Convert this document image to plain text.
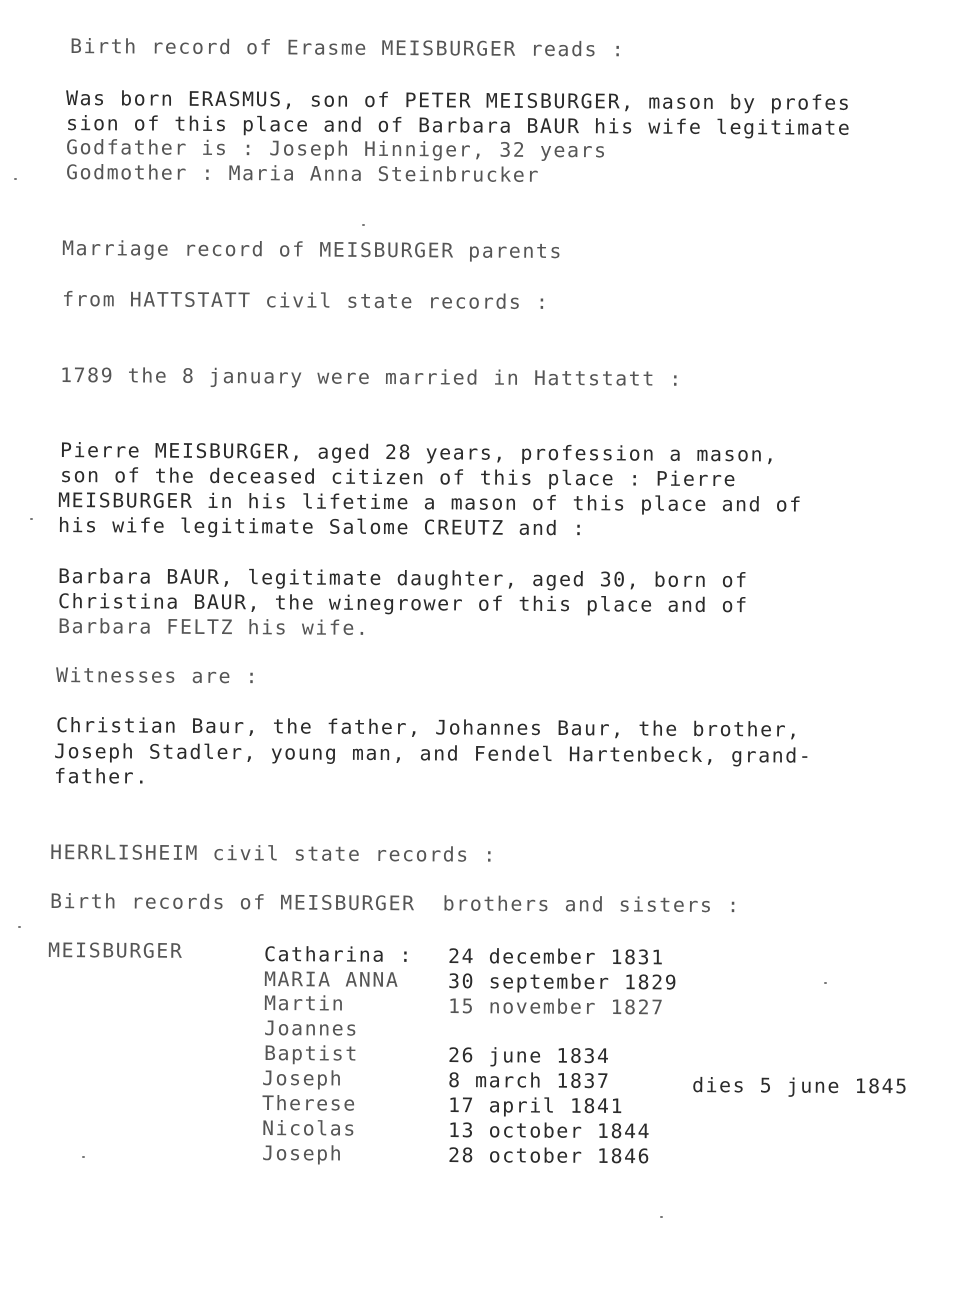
Birth record of Erasme MEISBURGER reads :
Was born ERASMUS, son of PETER MEISBURGER, mason by profes
sion of this place and of Barbara BAUR his wife legitimate
Godfather is : Joseph Hinniger, 32 years
Godmother : Maria Anna Steinbrucker
Marriage record of MEISBURGER parents
from HATTSTATT civil state records :
1789 the 8 january were married in Hattstatt :
Pierre MEISBURGER, aged 28 years, profession a mason,
son of the deceased citizen of this place : Pierre
MEISBURGER in his lifetime a mason of this place and of
his wife legitimate Salome CREUTZ and :
Barbara BAUR, legitimate daughter, aged 30, born of
Christina BAUR, the winegrower of this place and of
Barbara FELTZ his wife.
Witnesses are :
Christian Baur, the father, Johannes Baur, the brother,
Joseph Stadler, young man, and Fendel Hartenbeck, grand-
father.
HERRLISHEIM civil state records :
Birth records of MEISBURGER  brothers and sisters :
MEISBURGER	Catharina : 24 december 1831
MARIA ANNA 30 september 1829
Martin	15 november 1827
Joannes
Baptist	26 june 1834
Joseph	8 march 1837	dies 5 june 1845
Therese	17 april 1841
Nicolas	13 october 1844
Joseph	28 october 1846
